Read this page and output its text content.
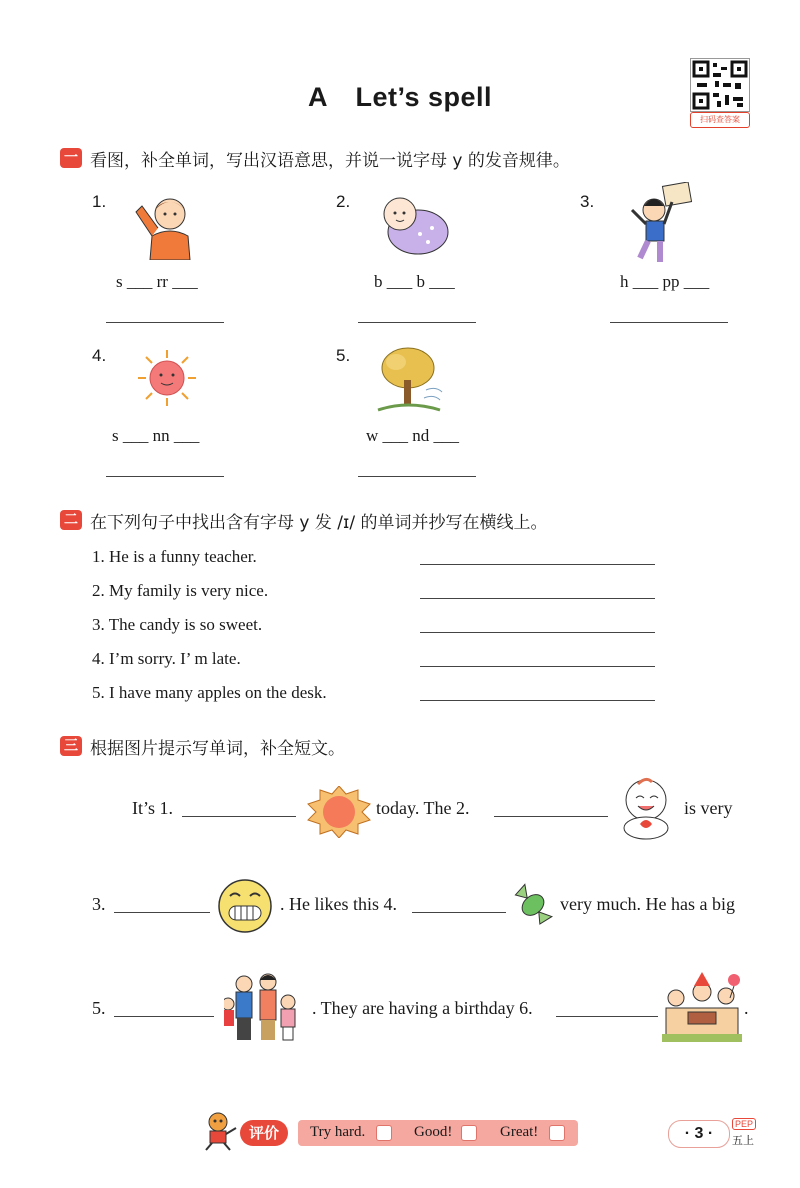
A Let’s spell
扫码查答案
一 看图，补全单词，写出汉语意思，并说一说字母 y 的发音规律。
1.
s ___ rr ___
2.
b ___ b ___
3.
h ___ pp ___
4.
s ___ nn ___
5.
w ___ nd ___
二 在下列句子中找出含有字母 y 发 /ɪ/ 的单词并抄写在横线上。
1. He is a funny teacher.
2. My family is very nice.
3. The candy is so sweet.
4. I’m sorry. I’ m late.
5. I have many apples on the desk.
三 根据图片提示写单词，补全短文。
It’s 1.	today. The 2.	is very
3.	. He likes this 4.	very much. He has a big
5.	. They are having a birthday 6.	.
评价	Try hard.	Good!	Great!	· 3 ·
PEP
五上
